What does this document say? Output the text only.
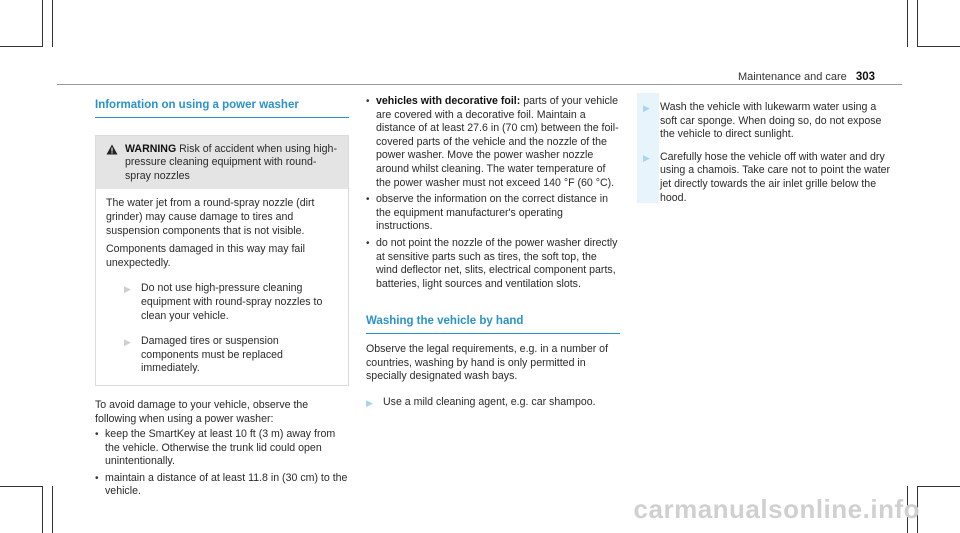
Maintenance and care 303
Information on using a power washer
WARNING Risk of accident when using high-pressure cleaning equipment with round-spray nozzles

The water jet from a round-spray nozzle (dirt grinder) may cause damage to tires and suspension components that is not visible.

Components damaged in this way may fail unexpectedly.

▶ Do not use high-pressure cleaning equipment with round-spray nozzles to clean your vehicle.
▶ Damaged tires or suspension components must be replaced immediately.

To avoid damage to your vehicle, observe the following when using a power washer:

• keep the SmartKey at least 10 ft (3 m) away from the vehicle. Otherwise the trunk lid could open unintentionally.
• maintain a distance of at least 11.8 in (30 cm) to the vehicle.
• vehicles with decorative foil: parts of your vehicle are covered with a decorative foil. Maintain a distance of at least 27.6 in (70 cm) between the foil-covered parts of the vehicle and the nozzle of the power washer. Move the power washer nozzle around whilst cleaning. The water temperature of the power washer must not exceed 140 °F (60 °C).
• observe the information on the correct distance in the equipment manufacturer's operating instructions.
• do not point the nozzle of the power washer directly at sensitive parts such as tires, the soft top, the wind deflector net, slits, electrical component parts, batteries, light sources and ventilation slots.
Washing the vehicle by hand

Observe the legal requirements, e.g. in a number of countries, washing by hand is only permitted in specially designated wash bays.

▶ Use a mild cleaning agent, e.g. car shampoo.
▶ Wash the vehicle with lukewarm water using a soft car sponge. When doing so, do not expose the vehicle to direct sunlight.
▶ Carefully hose the vehicle off with water and dry using a chamois. Take care not to point the water jet directly towards the air inlet grille below the hood.
carmanualsonline.info
